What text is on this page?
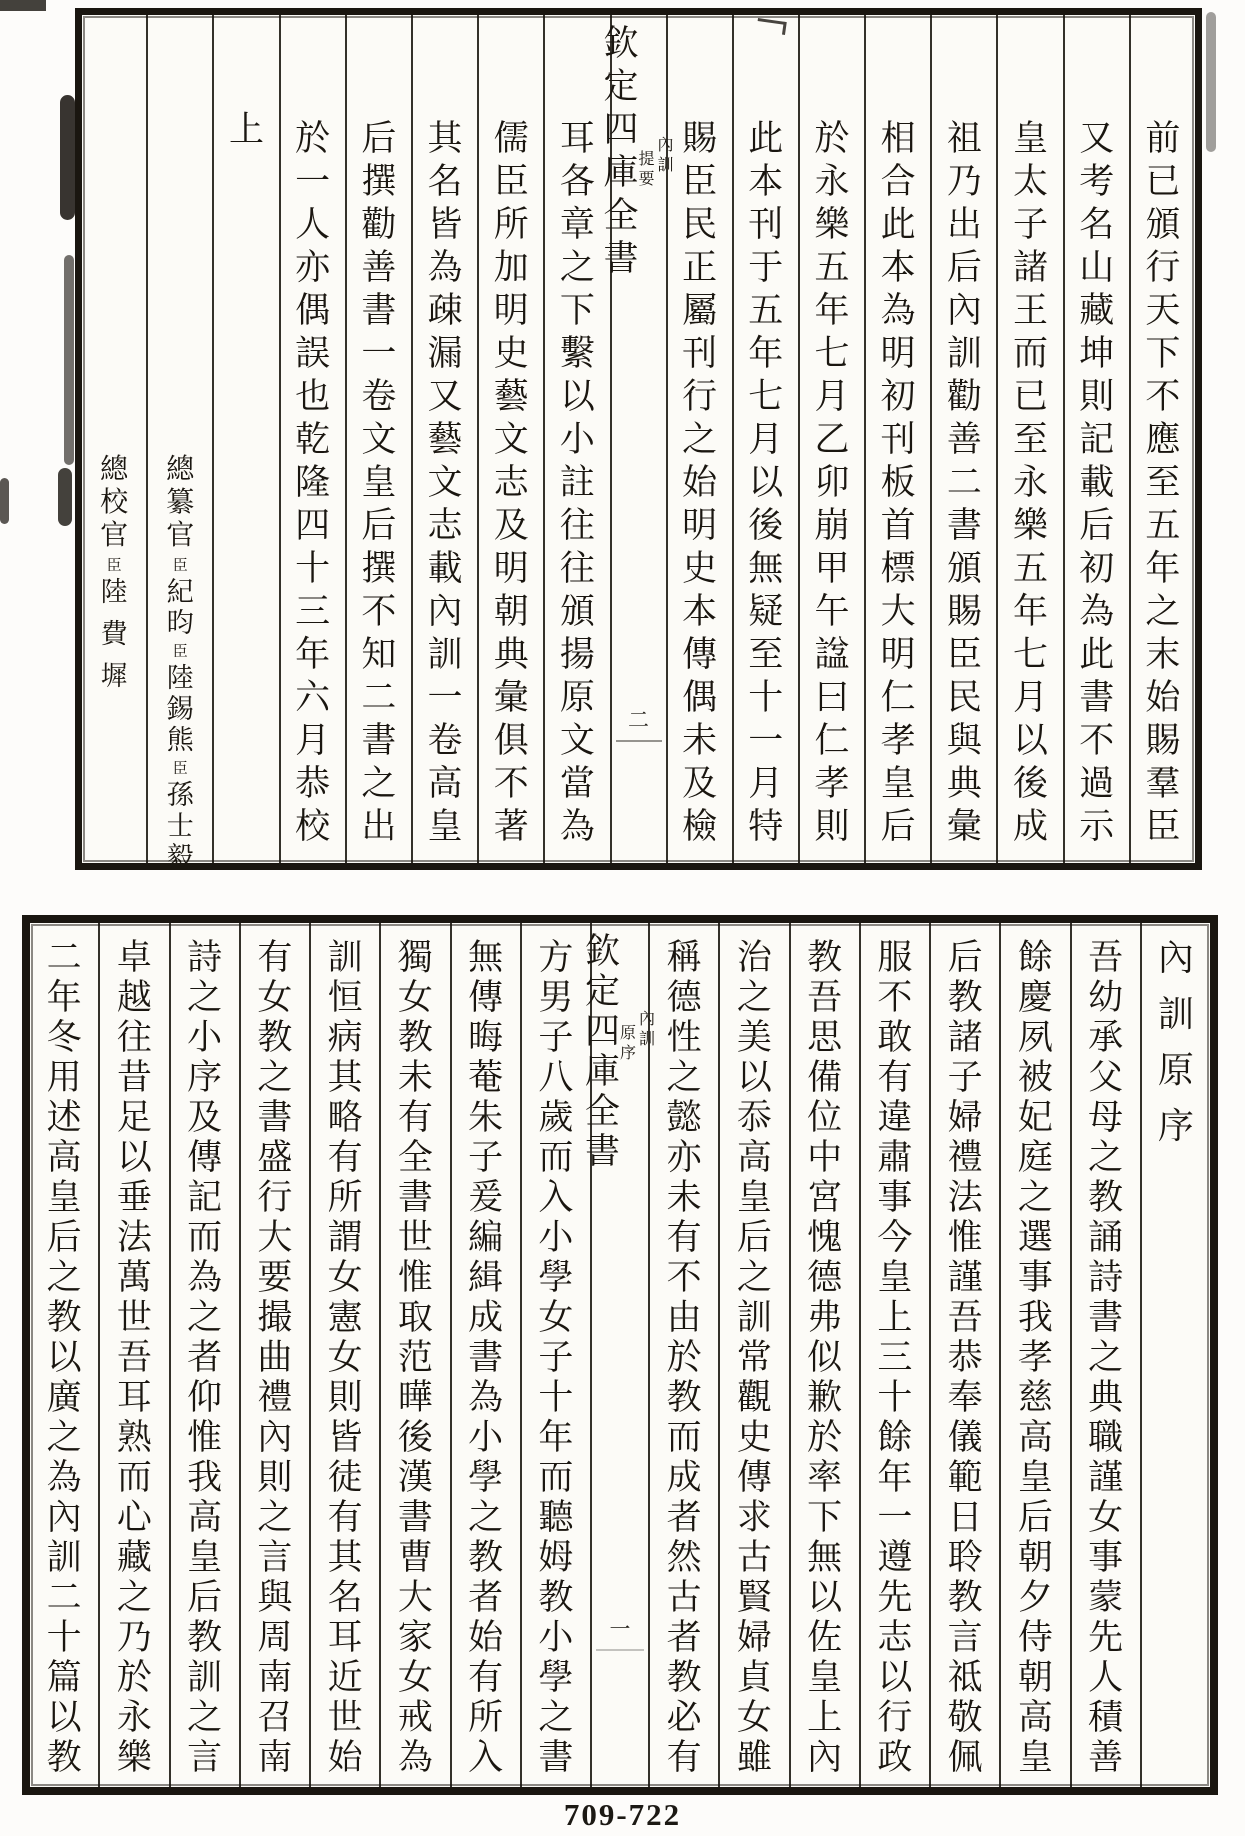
前
已
頒
行
天
下
不
應
至
五
年
之
末
始
賜
羣
臣
又
考
名
山
藏
坤
則
記
載
后
初
為
此
書
不
過
示
皇
太
子
諸
王
而
已
至
永
樂
五
年
七
月
以
後
成
祖
乃
出
后
內
訓
勸
善
二
書
頒
賜
臣
民
與
典
彙
相
合
此
本
為
明
初
刊
板
首
標
大
明
仁
孝
皇
后
於
永
樂
五
年
七
月
乙
卯
崩
甲
午
諡
曰
仁
孝
則
此
本
刊
于
五
年
七
月
以
後
無
疑
至
十
一
月
特
賜
臣
民
正
屬
刊
行
之
始
明
史
本
傳
偶
未
及
檢
欽
定
四
庫
全
書
內
訓
提
要
二
耳
各
章
之
下
繫
以
小
註
往
往
頒
揚
原
文
當
為
儒
臣
所
加
明
史
藝
文
志
及
明
朝
典
彙
俱
不
著
其
名
皆
為
疎
漏
又
藝
文
志
載
內
訓
一
卷
高
皇
后
撰
勸
善
書
一
卷
文
皇
后
撰
不
知
二
書
之
出
於
一
人
亦
偶
誤
也
乾
隆
四
十
三
年
六
月
恭
校
上
總
纂
官
臣
紀
昀
臣
陸
錫
熊
臣
孫
士
毅
總
校
官
臣
陸
費
墀
內
訓
原
序
吾
幼
承
父
母
之
教
誦
詩
書
之
典
職
謹
女
事
蒙
先
人
積
善
餘
慶
夙
被
妃
庭
之
選
事
我
孝
慈
高
皇
后
朝
夕
侍
朝
高
皇
后
教
諸
子
婦
禮
法
惟
謹
吾
恭
奉
儀
範
日
聆
教
言
祗
敬
佩
服
不
敢
有
違
肅
事
今
皇
上
三
十
餘
年
一
遵
先
志
以
行
政
教
吾
思
備
位
中
宮
愧
德
弗
似
歉
於
率
下
無
以
佐
皇
上
內
治
之
美
以
忝
高
皇
后
之
訓
常
觀
史
傳
求
古
賢
婦
貞
女
雖
稱
德
性
之
懿
亦
未
有
不
由
於
教
而
成
者
然
古
者
教
必
有
欽
定
四
庫
全
書
內
訓
原
序
一
方
男
子
八
歲
而
入
小
學
女
子
十
年
而
聽
姆
教
小
學
之
書
無
傳
晦
菴
朱
子
爰
編
緝
成
書
為
小
學
之
教
者
始
有
所
入
獨
女
教
未
有
全
書
世
惟
取
范
曄
後
漢
書
曹
大
家
女
戒
為
訓
恒
病
其
略
有
所
謂
女
憲
女
則
皆
徒
有
其
名
耳
近
世
始
有
女
教
之
書
盛
行
大
要
撮
曲
禮
內
則
之
言
與
周
南
召
南
詩
之
小
序
及
傳
記
而
為
之
者
仰
惟
我
高
皇
后
教
訓
之
言
卓
越
往
昔
足
以
垂
法
萬
世
吾
耳
熟
而
心
藏
之
乃
於
永
樂
二
年
冬
用
述
高
皇
后
之
教
以
廣
之
為
內
訓
二
十
篇
以
教
709-722
